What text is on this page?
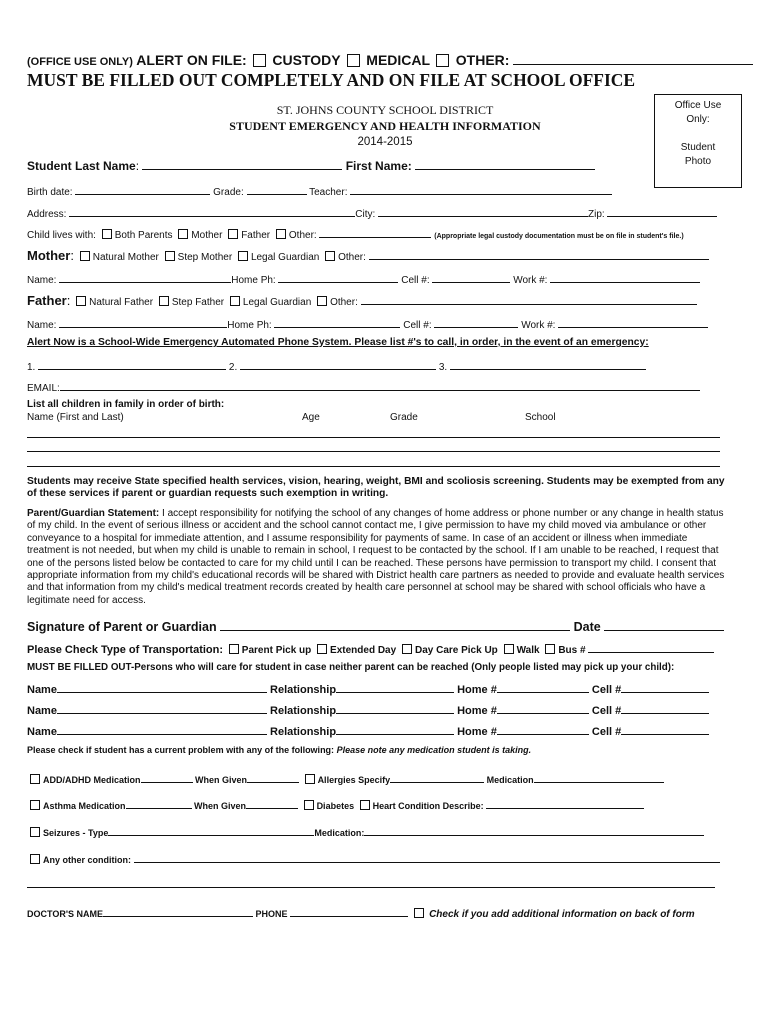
(OFFICE USE ONLY) ALERT ON FILE: CUSTODY MEDICAL OTHER:
MUST BE FILLED OUT COMPLETELY AND ON FILE AT SCHOOL OFFICE
ST. JOHNS COUNTY SCHOOL DISTRICT
STUDENT EMERGENCY AND HEALTH INFORMATION
2014-2015
Office Use
Only:
Student
Photo
Student Last Name:	First Name:
Birth date:	Grade:	Teacher:
Address:	City:	Zip:
Child lives with: Both Parents Mother Father Other:	(Appropriate legal custody documentation must be on file in student's file.)
Mother: Natural Mother Step Mother Legal Guardian Other:
Name:	Home Ph:	Cell #:	Work #:
Father: Natural Father Step Father Legal Guardian Other:
Name:	Home Ph:	Cell #:	Work #:
Alert Now is a School-Wide Emergency Automated Phone System. Please list #'s to call, in order, in the event of an emergency:
1.	2.	3.
EMAIL:
List all children in family in order of birth:
Name (First and Last)	Age	Grade	School
Students may receive State specified health services, vision, hearing, weight, BMI and scoliosis screening. Students may be exempted from any of these services if parent or guardian requests such exemption in writing.
Parent/Guardian Statement: I accept responsibility for notifying the school of any changes of home address or phone number or any change in health status of my child. In the event of serious illness or accident and the school cannot contact me, I give permission to have my child moved via ambulance or other conveyance to a hospital for immediate attention, and I assume responsibility for payments of same. In case of an accident or illness when immediate treatment is not needed, but when my child is unable to remain in school, I request to be contacted by the school. If I am unable to be reached, I request that one of the persons listed below be contacted to care for my child until I can be reached. These persons have permission to transport my child. I consent that appropriate information from my child's educational records will be shared with District health care partners as needed to provide and evaluate health services and that information from my child's medical treatment records created by health care personnel at school may be shared with school officials who have a legitimate need for access.
Signature of Parent or Guardian	Date
Please Check Type of Transportation: Parent Pick up Extended Day Day Care Pick Up Walk Bus #
MUST BE FILLED OUT-Persons who will care for student in case neither parent can be reached (Only people listed may pick up your child):
Name	Relationship	Home #	Cell #
Name	Relationship	Home #	Cell #
Name	Relationship	Home #	Cell #
Please check if student has a current problem with any of the following: Please note any medication student is taking.
ADD/ADHD Medication	When Given	Allergies Specify	Medication
Asthma Medication	When Given	Diabetes Heart Condition Describe:
Seizures - Type	Medication:
Any other condition:
DOCTOR'S NAME	PHONE	Check if you add additional information on back of form
